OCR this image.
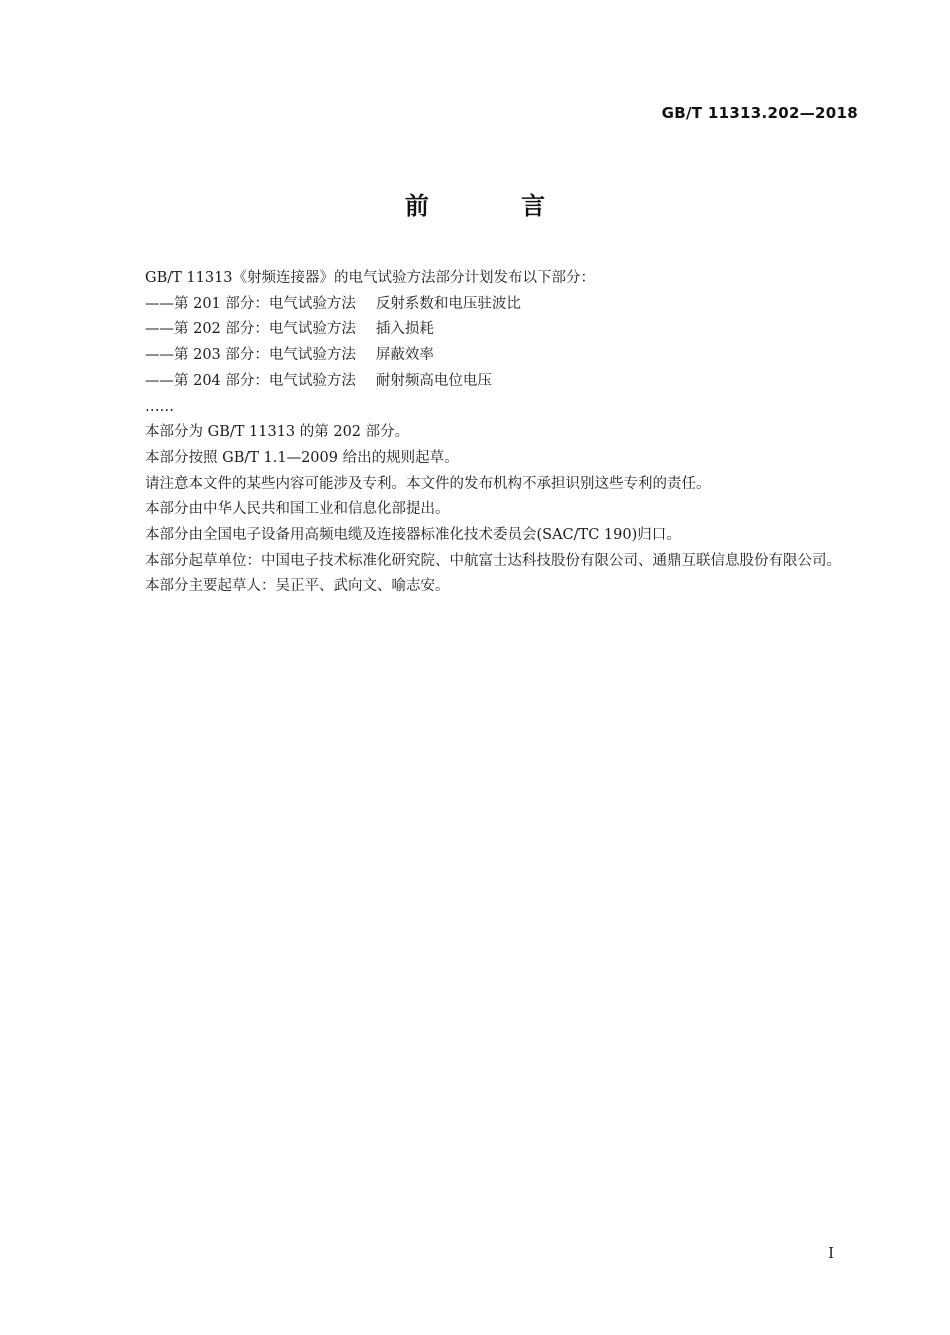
GB/T 11313.202—2018
前 言
GB/T 11313《射频连接器》的电气试验方法部分计划发布以下部分：
——第 201 部分：电气试验方法 反射系数和电压驻波比
——第 202 部分：电气试验方法 插入损耗
——第 203 部分：电气试验方法 屏蔽效率
——第 204 部分：电气试验方法 耐射频高电位电压
……
本部分为 GB/T 11313 的第 202 部分。
本部分按照 GB/T 1.1—2009 给出的规则起草。
请注意本文件的某些内容可能涉及专利。本文件的发布机构不承担识别这些专利的责任。
本部分由中华人民共和国工业和信息化部提出。
本部分由全国电子设备用高频电缆及连接器标准化技术委员会(SAC/TC 190)归口。
本部分起草单位：中国电子技术标准化研究院、中航富士达科技股份有限公司、通鼎互联信息股份有限公司。
本部分主要起草人：吴正平、武向文、喻志安。
I
